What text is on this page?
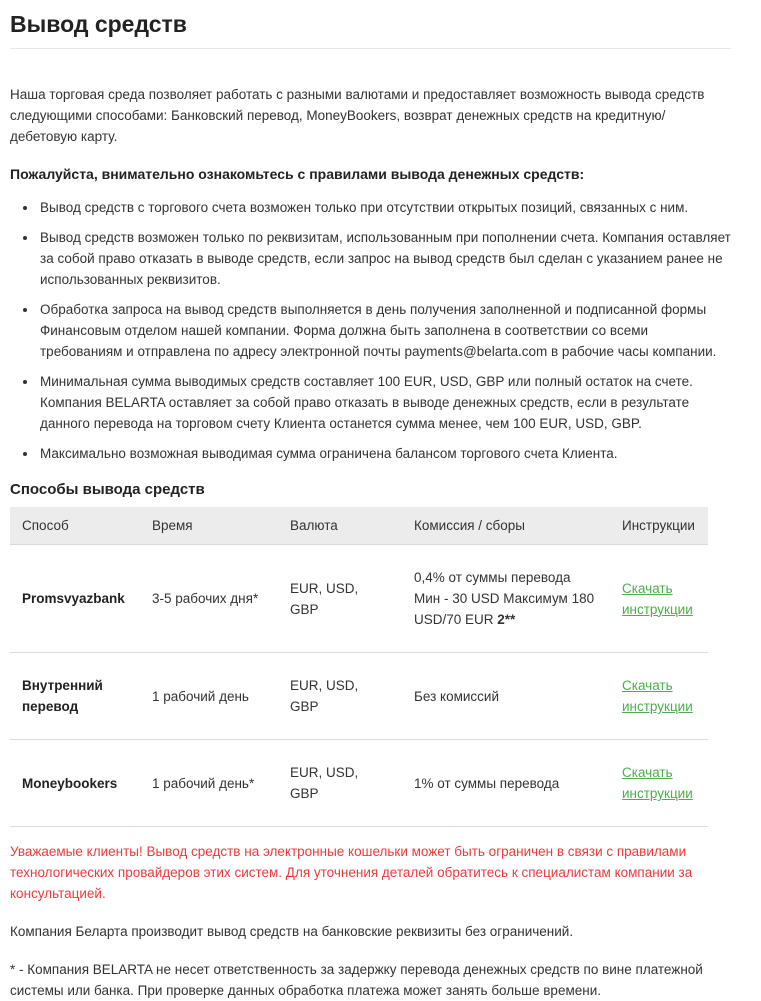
Вывод средств

Наша торговая среда позволяет работать с разными валютами и предоставляет возможность вывода средств следующими способами: Банковский перевод, MoneyBookers, возврат денежных средств на кредитную/дебетовую карту.

Пожалуйста, внимательно ознакомьтесь с правилами вывода денежных средств:

• Вывод средств с торгового счета возможен только при отсутствии открытых позиций, связанных с ним.
• Вывод средств возможен только по реквизитам, использованным при пополнении счета. Компания оставляет за собой право отказать в выводе средств, если запрос на вывод средств был сделан с указанием ранее не использованных реквизитов.
• Обработка запроса на вывод средств выполняется в день получения заполненной и подписанной формы Финансовым отделом нашей компании. Форма должна быть заполнена в соответствии со всеми требованиям и отправлена по адресу электронной почты payments@belarta.com в рабочие часы компании.
• Минимальная сумма выводимых средств составляет 100 EUR, USD, GBP или полный остаток на счете. Компания BELARTA оставляет за собой право отказать в выводе денежных средств, если в результате данного перевода на торговом счету Клиента останется сумма менее, чем 100 EUR, USD, GBP.
• Максимально возможная выводимая сумма ограничена балансом торгового счета Клиента.
Способы вывода средств
Способ	Время	Валюта	Комиссия / сборы	Инструкции
Promsvyazbank	3-5 рабочих дня*	EUR, USD, GBP	0,4% от суммы перевода Мин - 30 USD Максимум 180 USD/70 EUR 2**	Скачать инструкции
Внутренний перевод	1 рабочий день	EUR, USD, GBP	Без комиссий	Скачать инструкции
Moneybookers	1 рабочий день*	EUR, USD, GBP	1% от суммы перевода	Скачать инструкции

Уважаемые клиенты! Вывод средств на электронные кошельки может быть ограничен в связи с правилами технологических провайдеров этих систем. Для уточнения деталей обратитесь к специалистам компании за консультацией.

Компания Беларта производит вывод средств на банковские реквизиты без ограничений.

* - Компания BELARTA не несет ответственность за задержку перевода денежных средств по вине платежной системы или банка. При проверке данных обработка платежа может занять больше времени.
